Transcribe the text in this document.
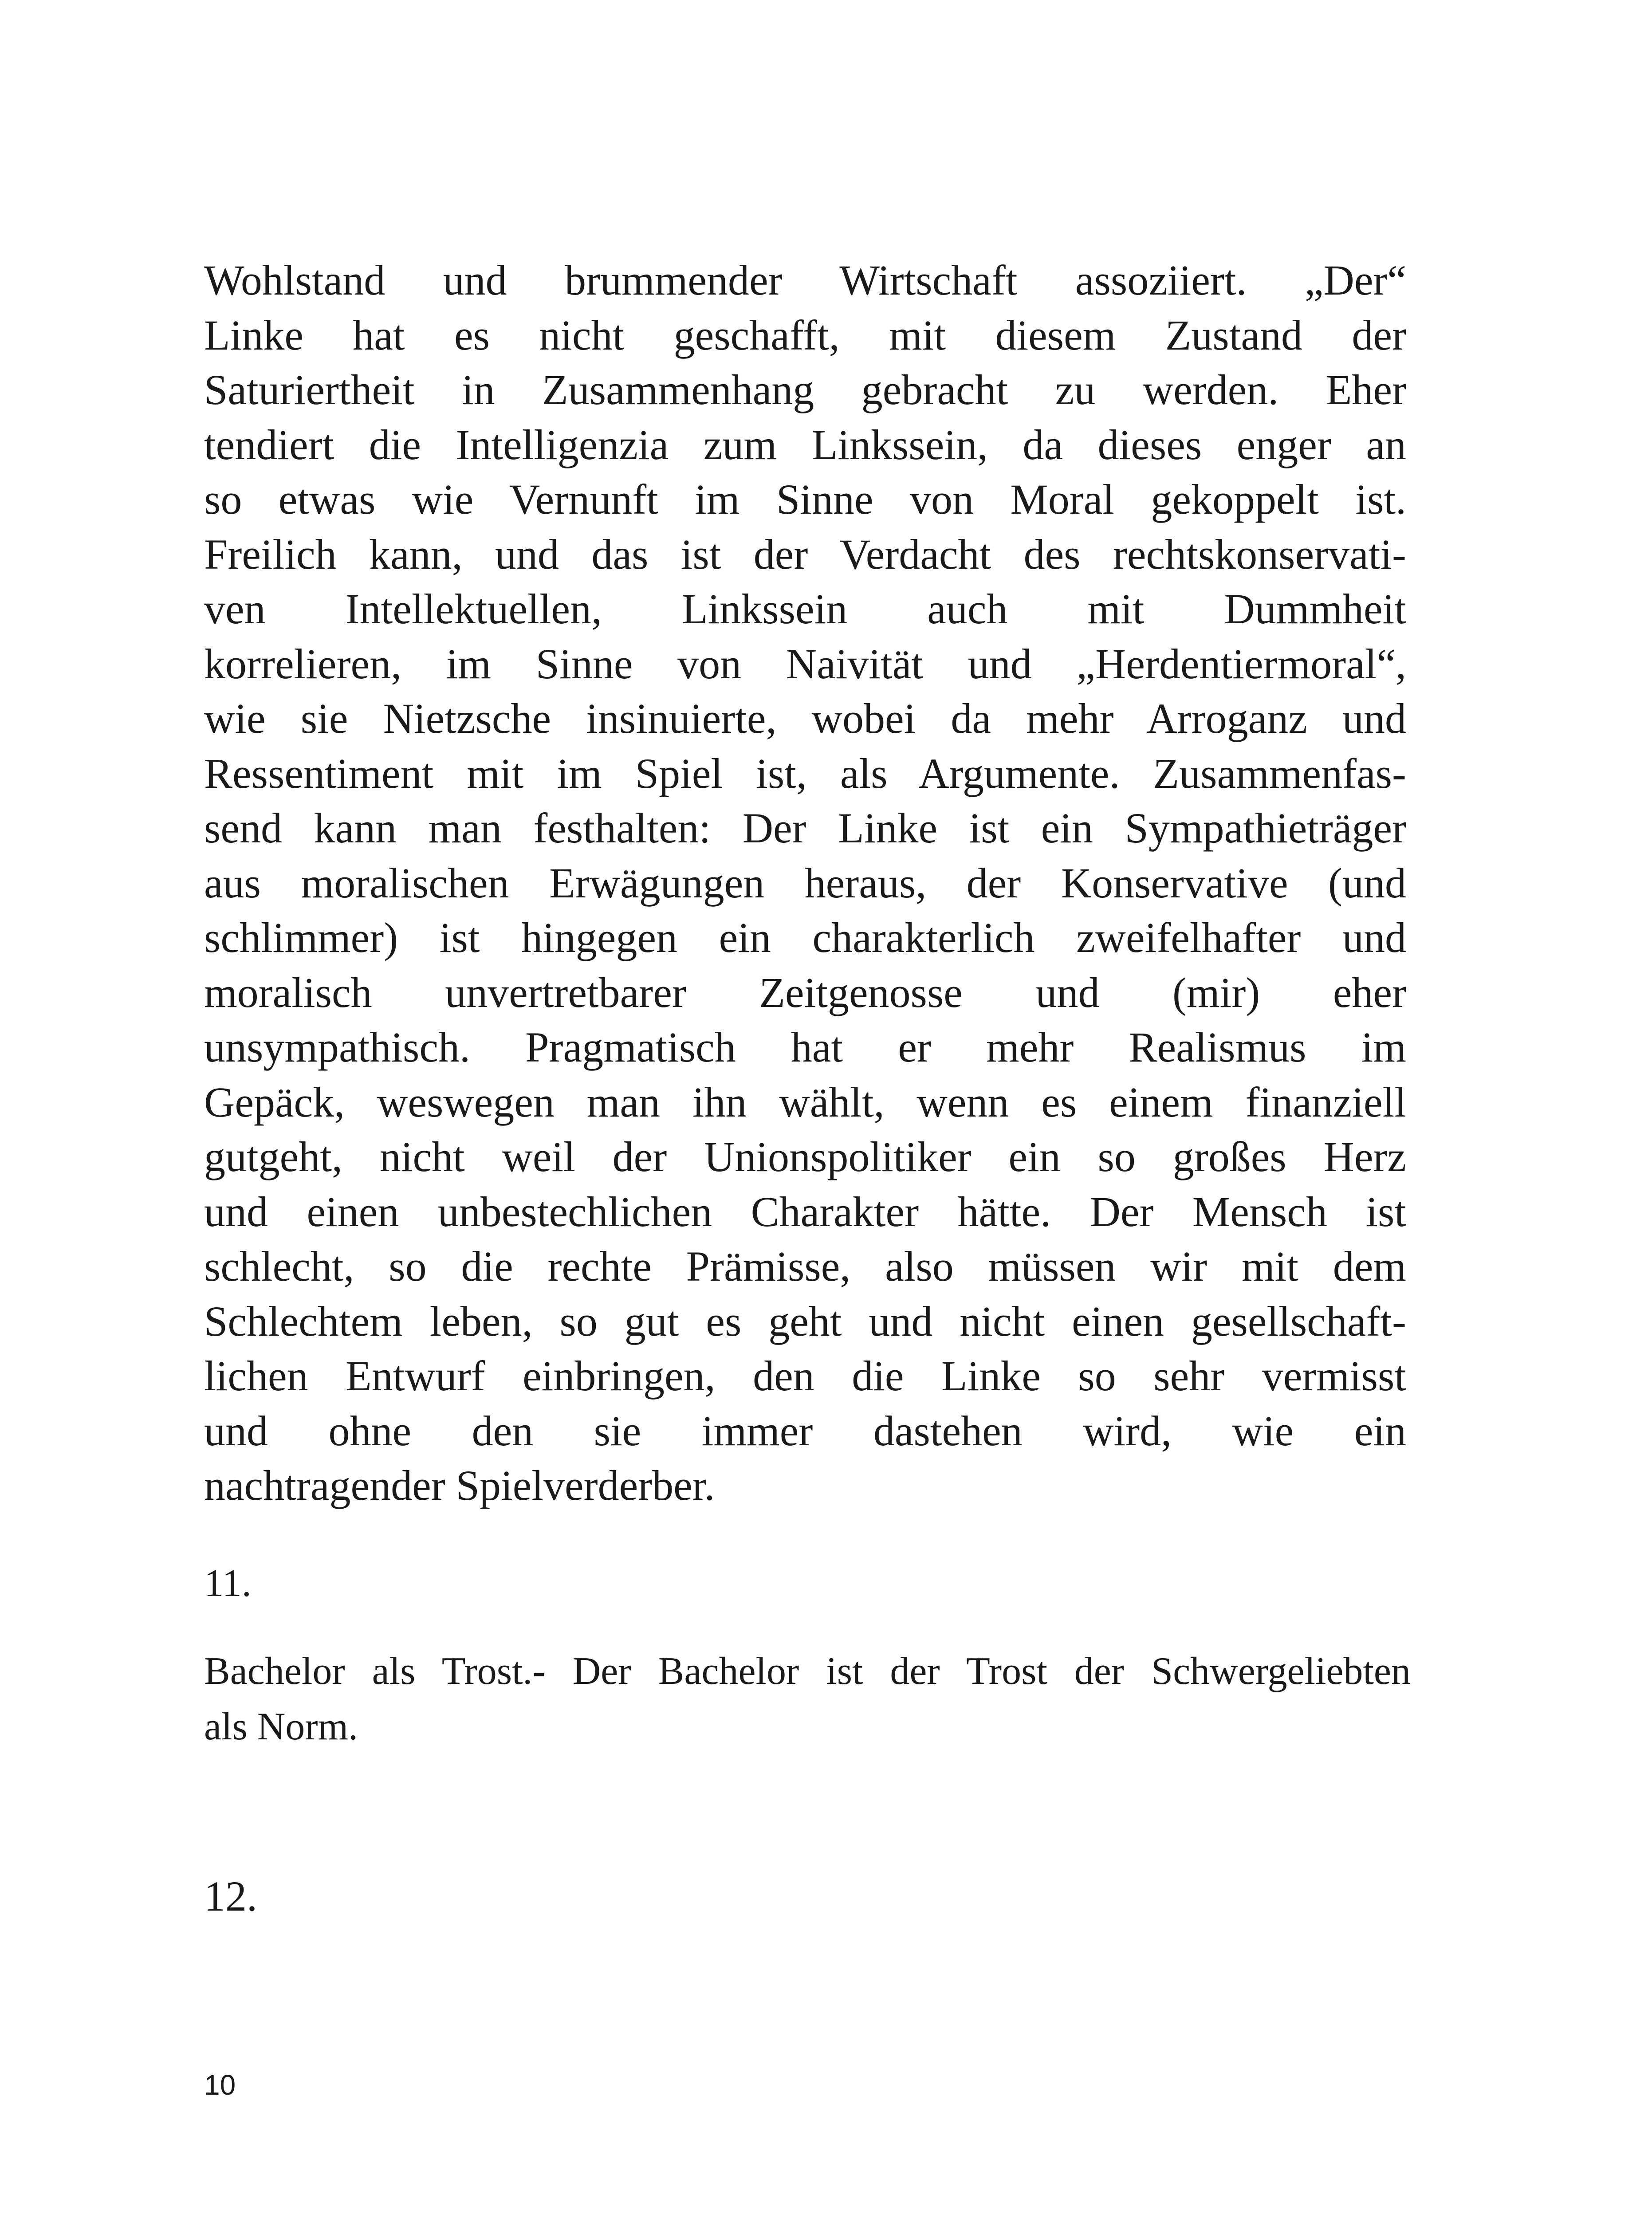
Wohlstand und brummender Wirtschaft assoziiert. „Der“
Linke hat es nicht geschafft, mit diesem Zustand der
Saturiertheit in Zusammenhang gebracht zu werden. Eher
tendiert die Intelligenzia zum Linkssein, da dieses enger an
so etwas wie Vernunft im Sinne von Moral gekoppelt ist.
Freilich kann, und das ist der Verdacht des rechtskonservati-
ven Intellektuellen, Linkssein auch mit Dummheit
korrelieren, im Sinne von Naivität und „Herdentiermoral“,
wie sie Nietzsche insinuierte, wobei da mehr Arroganz und
Ressentiment mit im Spiel ist, als Argumente. Zusammenfas-
send kann man festhalten: Der Linke ist ein Sympathieträger
aus moralischen Erwägungen heraus, der Konservative (und
schlimmer) ist hingegen ein charakterlich zweifelhafter und
moralisch unvertretbarer Zeitgenosse und (mir) eher
unsympathisch. Pragmatisch hat er mehr Realismus im
Gepäck, weswegen man ihn wählt, wenn es einem finanziell
gutgeht, nicht weil der Unionspolitiker ein so großes Herz
und einen unbestechlichen Charakter hätte. Der Mensch ist
schlecht, so die rechte Prämisse, also müssen wir mit dem
Schlechtem leben, so gut es geht und nicht einen gesellschaft-
lichen Entwurf einbringen, den die Linke so sehr vermisst
und ohne den sie immer dastehen wird, wie ein
nachtragender Spielverderber.
11.
Bachelor als Trost.- Der Bachelor ist der Trost der Schwergeliebten
als Norm.
12.
10
